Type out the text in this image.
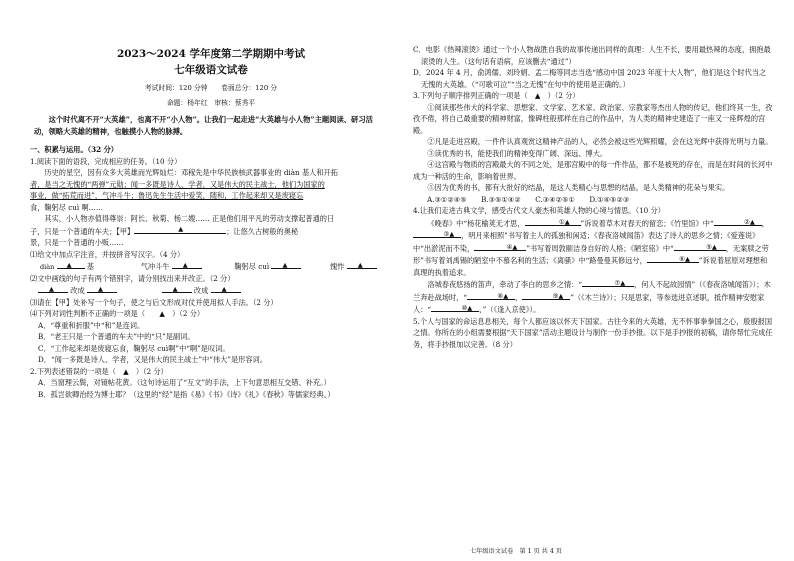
2023～2024 学年度第二学期期中考试
七年级语文试卷
考试时间：120 分钟　　卷面总分：120 分
命题：杨年红　审核：蔡秀平
这个时代离不开“大英雄”，也离不开“小人物”。让我们一起走进“大英雄与小人物”主题阅读、研习活动，领略大英雄的精神，也触摸小人物的脉搏。

一、积累与运用。（32 分）

1.阅读下面的语段，完成相应的任务。（10 分）

历史的星空，因有众多大英雄而光辉灿烂：邓稼先是中华民族核武器事业的 diàn 基人和开拓

者，是当之无愧的“两弹”元勋；闻一多既是诗人、学者，又是伟大的民主战士，他们为国家的

事业，做“拓荒而进”，气冲斗牛；鲁迅先生生活中爱笑，随和，工作起来却又是废寝忘

食，鞠躬尽 cuì 啊……

其实，小人物亦值得尊崇：阿长、秋菊、杨二嫂…… 正是他们用平凡的劳动支撑起普通的日

子，只是一个普通的车夫；【甲】	▲	；让悠久古树般的奥秘

景，只是一个普通的小贩……

⑴给文中加点字注音，并按拼音写汉字。（4 分）

diàn ▲ 基	气冲斗牛 ▲	鞠躬尽 cuì ▲	愧怍 ▲

⑵文中画线的句子有两个错别字，请分别找出来并改正。（2 分）

▲ 改成 ▲
	▲ 改成 ▲

⑶请在【甲】处补写一个句子，使之与后文形成对仗并使用拟人手法。（2 分）

⑷下列对词性判断不正确的一项是（　　▲　）（2 分）

A．“尊重和折服”中“和”是连词。

B．“老王只是一个普通的车夫”中的“只”是副词。

C．“工作起来却是废寝忘食，鞠躬尽 cuì啊”中“啊”是叹词。

D．“闻一多既是诗人、学者，又是伟大的民主战士”中“伟大”是形容词。

2.下列表述错误的一项是（　▲　）（2 分）

A．当窗理云鬓，对镜帖花黄。（这句诗运用了“互文”的手法，上下句意思相互交错、补充。）

B．孤岂欲卿治经为博士耶？（这里的“经”是指《易》《书》《诗》《礼》《春秋》等儒家经典。）

C．电影《热辣滚烫》通过一个小人物战胜自我的故事传递出同样的真理：人生不长，要用最热辣的态度，拥抱最滚烫的人生。（这句话有语病，应该删去“通过”）

D．2024 年 4 月，俞鸿儒、刘玲娟、孟二梅等同志当选“感动中国 2023 年度十大人物”，他们是这个时代当之无愧的大英雄。（“可歌可泣”“当之无愧”在句中的使用是正确的。）

3.下列句子顺序排列正确的一项是（　▲　）（2 分）

①阅读那些伟大的科学家、思想家、文学家、艺术家、政治家、宗教家等杰出人物的传记，他们终其一生，孜孜不倦，将自己最重要的精神财富，像碑柱般那样在自己的作品中，为人类的精神史建造了一座又一座辉煌的宫殿。

②凡是走进宫殿，一件件认真观赏这精神产品的人，必然会被这些光辉照耀，会在这光辉中获得光明与力量。

③读优秀的书，能使我们的精神变得广阔、深远、博大。

④这宫殿与物质的宫殿最大的不同之处，是那宫殿中的每一件作品，都不是被死的存在，而是在时间的长河中成为一种活的生命，影响着世界。

⑤因为优秀的书，都有大批好的结晶，是这人类精心与思想的结晶，是人类精神的花朵与果实。

A.③①②④⑤　　B.③⑤①④②　　C.③④②⑤①　　D.①④⑤②③

4.让我们走进古典文学，感受古代文人豪杰和英雄人物的心境与情思。（10 分）

《晚春》中“杨花榆荚无才思，	①▲ ”诉说着草木对春天的留恋；《竹里馆》中“	②▲ ，
③▲ ，明月来相照”书写着主人的孤独和闲适；《春夜洛城闻笛》表达了诗人的思乡之情；《爱莲说》中“出淤泥而不染，	④▲ ”书写着周敦颐洁身自好的人格；《陋室铭》中“	⑤▲ ，无案牍之劳形”书写着刘禹锡的陋室中不慕名利的生活；《离骚》中“路曼曼其修远兮，	⑥▲ ”诉说着屈原对理想和真理的执着追求。

洛城春夜悠扬的笛声，牵动了李白的思乡之情：“	⑦▲ ，何人不起故园情”（《春夜洛城闻笛》）；木兰奔赴战场时，“	⑧▲ ，	⑨▲ ”（《木兰诗》）；只是思家，等参选进京述职，抵作精神安慰家人：“	⑩▲ ，”（《逢入京使》）。

5.个人与国家的命运息息相关，每个人都应该以怀天下国家。古往今来的大英雄，无不怀事拳拳国之心，殷殷报国之情。你所在的小组需要根据“天下国家”活动主题设计与制作一份手抄报。以下是手抄报的初稿，请你帮忙完成任务，将手抄报加以完善。（8 分）

七年级语文试卷　第 1 页 共 4 页
